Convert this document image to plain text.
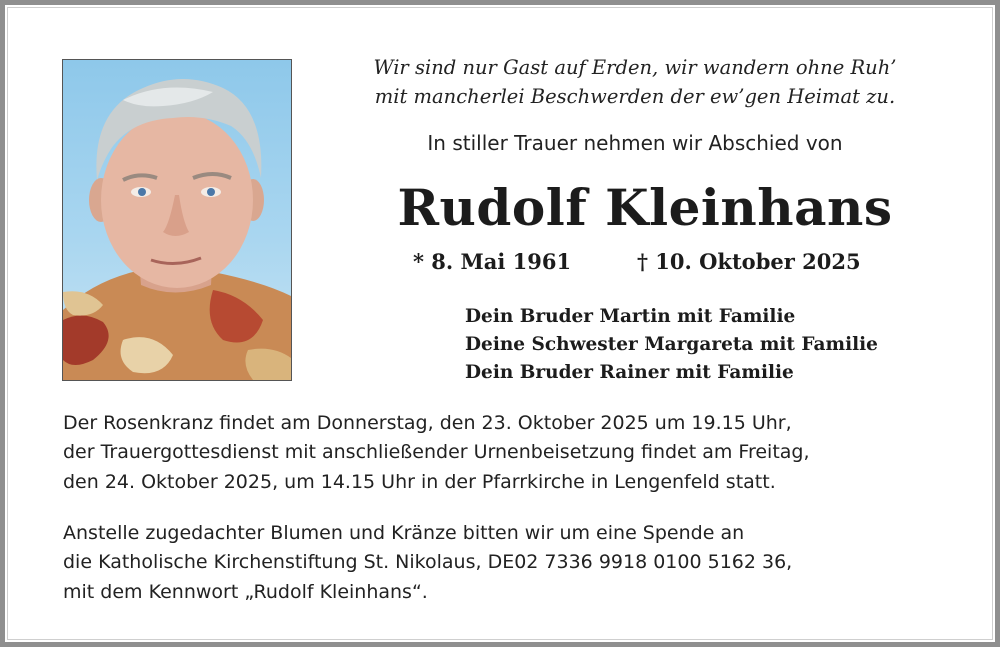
Wir sind nur Gast auf Erden, wir wandern ohne Ruh’
mit mancherlei Beschwerden der ew’gen Heimat zu.
In stiller Trauer nehmen wir Abschied von
Rudolf Kleinhans
* 8. Mai 1961	† 10. Oktober 2025
Dein Bruder Martin mit Familie
Deine Schwester Margareta mit Familie
Dein Bruder Rainer mit Familie
Der Rosenkranz findet am Donnerstag, den 23. Oktober 2025 um 19.15 Uhr,
der Trauergottesdienst mit anschließender Urnenbeisetzung findet am Freitag,
den 24. Oktober 2025, um 14.15 Uhr in der Pfarrkirche in Lengenfeld statt.
Anstelle zugedachter Blumen und Kränze bitten wir um eine Spende an
die Katholische Kirchenstiftung St. Nikolaus, DE02 7336 9918 0100 5162 36,
mit dem Kennwort „Rudolf Kleinhans“.
